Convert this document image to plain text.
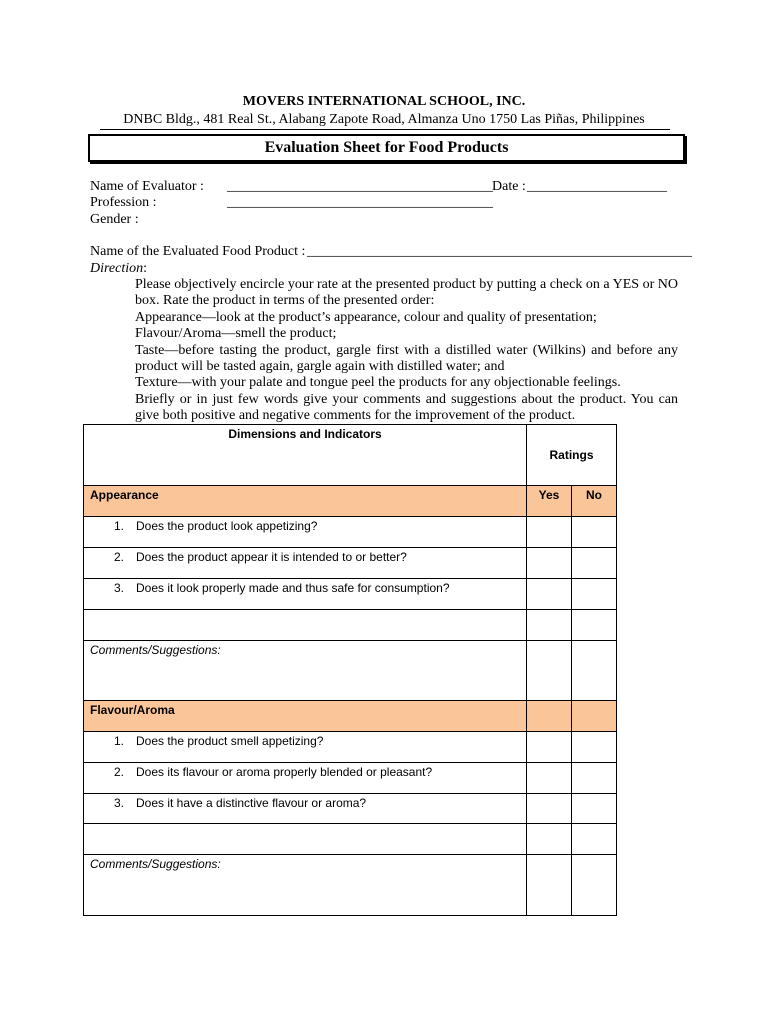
MOVERS INTERNATIONAL SCHOOL, INC.
DNBC Bldg., 481 Real St., Alabang Zapote Road, Almanza Uno 1750 Las Piñas, Philippines
Evaluation Sheet for Food Products
Name of Evaluator : ______________________________________ Date : ____________________
Profession :	______________________________________
Gender :
Name of the Evaluated Food Product : _______________________________________________________
Direction:

Please objectively encircle your rate at the presented product by putting a check on a YES or NO box. Rate the product in terms of the presented order:

Appearance—look at the product’s appearance, colour and quality of presentation;

Flavour/Aroma—smell the product;

Taste—before tasting the product, gargle first with a distilled water (Wilkins) and before any product will be tasted again, gargle again with distilled water; and

Texture—with your palate and tongue peel the products for any objectionable feelings.

Briefly or in just few words give your comments and suggestions about the product. You can give both positive and negative comments for the improvement of the product.

Dimensions and Indicators	Ratings	
Appearance	Yes	No
1. Does the product look appetizing?		
2. Does the product appear it is intended to or better?		
3. Does it look properly made and thus safe for consumption?		

Comments/Suggestions:		
Flavour/Aroma		
1. Does the product smell appetizing?		
2. Does its flavour or aroma properly blended or pleasant?		
3. Does it have a distinctive flavour or aroma?		

Comments/Suggestions:		
